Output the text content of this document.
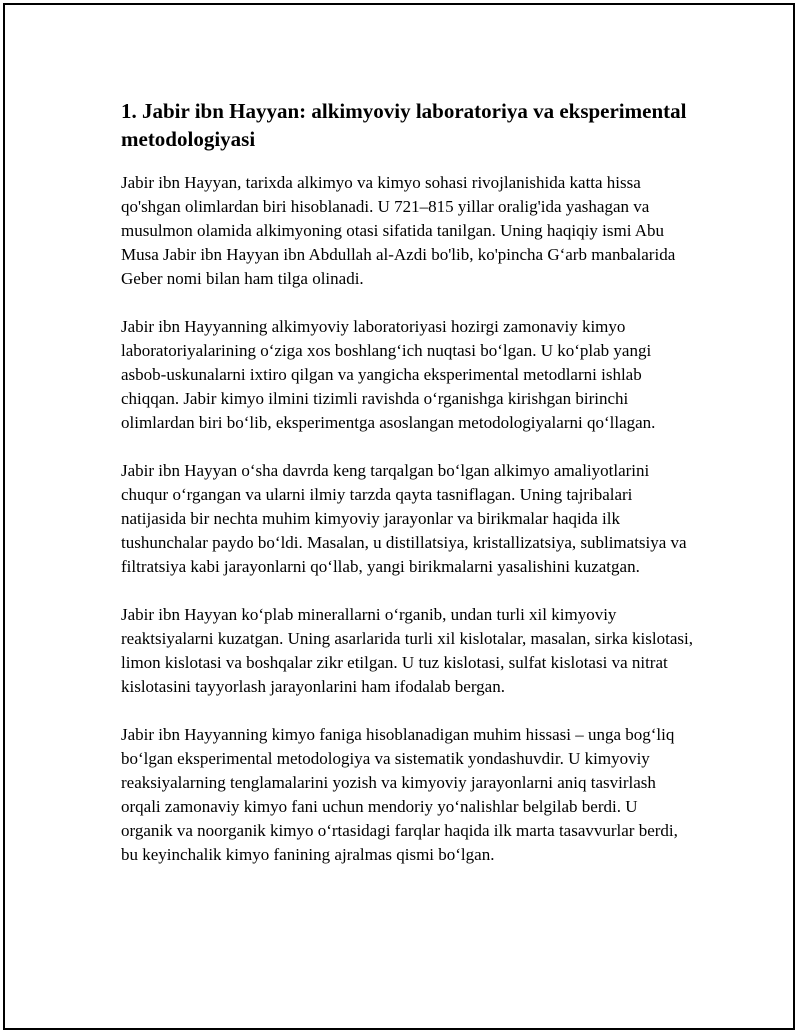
1. Jabir ibn Hayyan: alkimyoviy laboratoriya va eksperimental metodologiyasi

Jabir ibn Hayyan, tarixda alkimyo va kimyo sohasi rivojlanishida katta hissa qo'shgan olimlardan biri hisoblanadi. U 721–815 yillar oralig'ida yashagan va musulmon olamida alkimyoning otasi sifatida tanilgan. Uning haqiqiy ismi Abu Musa Jabir ibn Hayyan ibn Abdullah al-Azdi bo'lib, ko'pincha G‘arb manbalarida Geber nomi bilan ham tilga olinadi.

Jabir ibn Hayyanning alkimyoviy laboratoriyasi hozirgi zamonaviy kimyo laboratoriyalarining o‘ziga xos boshlang‘ich nuqtasi bo‘lgan. U ko‘plab yangi asbob-uskunalarni ixtiro qilgan va yangicha eksperimental metodlarni ishlab chiqqan. Jabir kimyo ilmini tizimli ravishda o‘rganishga kirishgan birinchi olimlardan biri bo‘lib, eksperimentga asoslangan metodologiyalarni qo‘llagan.

Jabir ibn Hayyan o‘sha davrda keng tarqalgan bo‘lgan alkimyo amaliyotlarini chuqur o‘rgangan va ularni ilmiy tarzda qayta tasniflagan. Uning tajribalari natijasida bir nechta muhim kimyoviy jarayonlar va birikmalar haqida ilk tushunchalar paydo bo‘ldi. Masalan, u distillatsiya, kristallizatsiya, sublimatsiya va filtratsiya kabi jarayonlarni qo‘llab, yangi birikmalarni yasalishini kuzatgan.

Jabir ibn Hayyan ko‘plab minerallarni o‘rganib, undan turli xil kimyoviy reaktsiyalarni kuzatgan. Uning asarlarida turli xil kislotalar, masalan, sirka kislotasi, limon kislotasi va boshqalar zikr etilgan. U tuz kislotasi, sulfat kislotasi va nitrat kislotasini tayyorlash jarayonlarini ham ifodalab bergan.

Jabir ibn Hayyanning kimyo faniga hisoblanadigan muhim hissasi – unga bog‘liq bo‘lgan eksperimental metodologiya va sistematik yondashuvdir. U kimyoviy reaksiyalarning tenglamalarini yozish va kimyoviy jarayonlarni aniq tasvirlash orqali zamonaviy kimyo fani uchun mendoriy yo‘nalishlar belgilab berdi. U organik va noorganik kimyo o‘rtasidagi farqlar haqida ilk marta tasavvurlar berdi, bu keyinchalik kimyo fanining ajralmas qismi bo‘lgan.
